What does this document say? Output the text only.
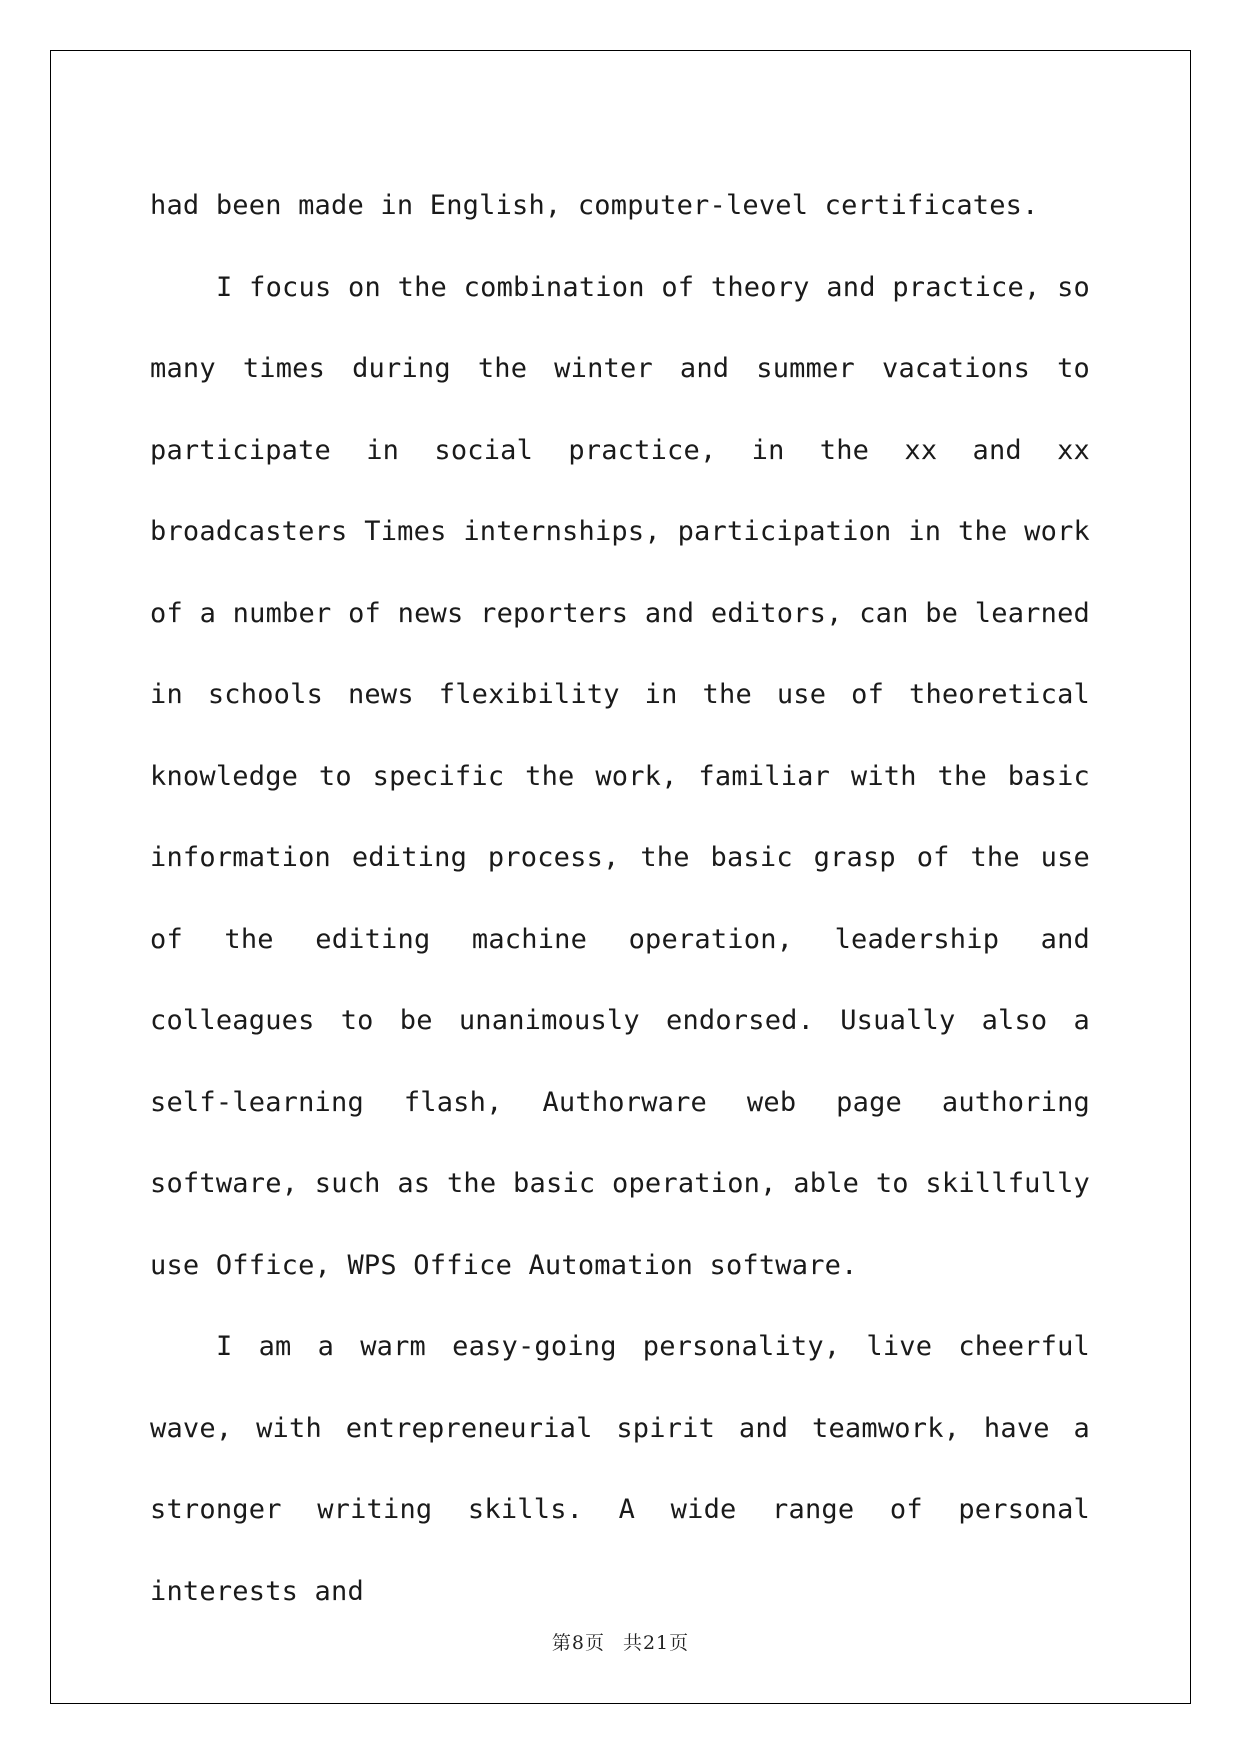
had been made in English, computer-level certificates.

I focus on the combination of theory and practice, so many times during the winter and summer vacations to participate in social practice, in the xx and xx broadcasters Times internships, participation in the work of a number of news reporters and editors, can be learned in schools news flexibility in the use of theoretical knowledge to specific the work, familiar with the basic information editing process, the basic grasp of the use of the editing machine operation, leadership and colleagues to be unanimously endorsed. Usually also a self-learning flash, Authorware web page authoring software, such as the basic operation, able to skillfully use Office, WPS Office Automation software.

I am a warm easy-going personality, live cheerful wave, with entrepreneurial spirit and teamwork, have a stronger writing skills. A wide range of personal interests and

第8页 共21页
